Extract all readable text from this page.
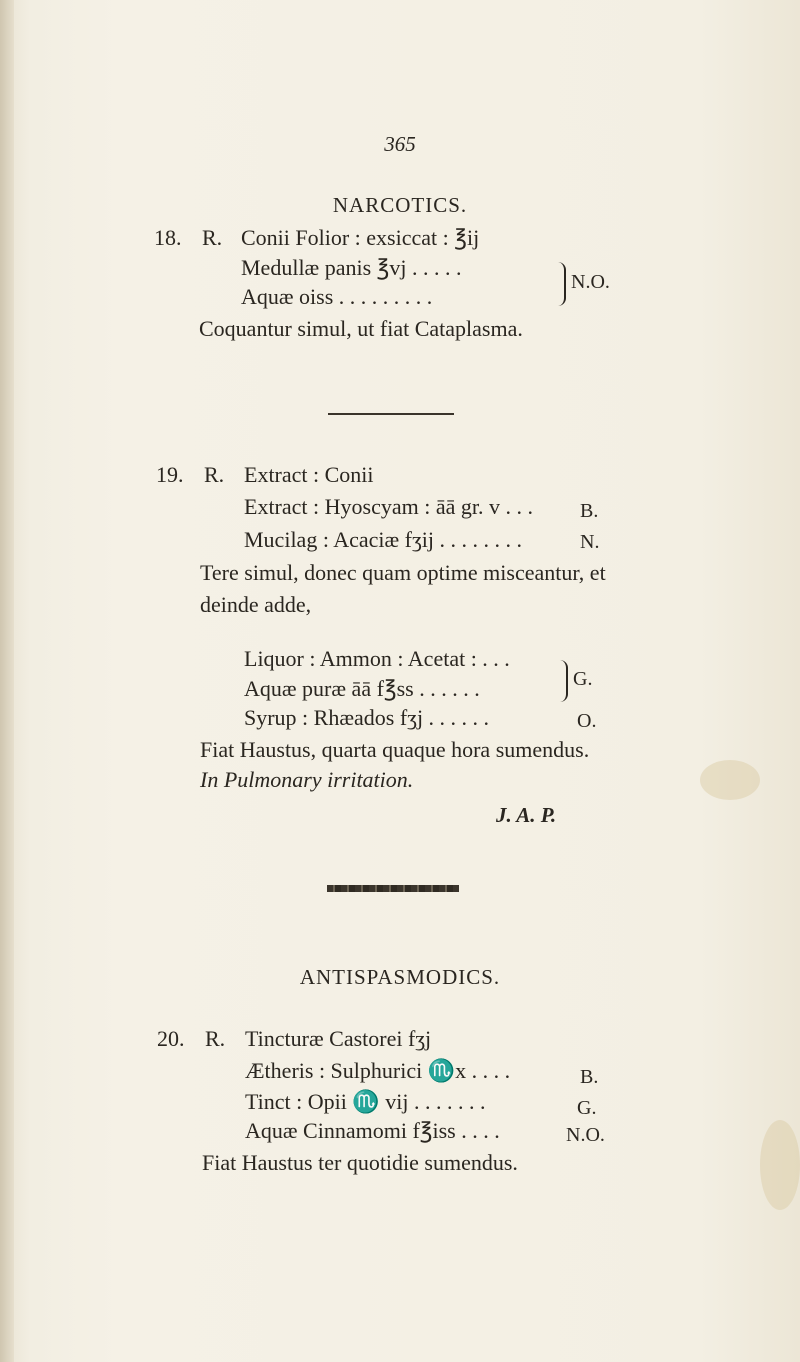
365
NARCOTICS.
18. R. Conii Folior : exsiccat : ℥ij
Medullæ panis ℥vj . . . . .
Aquæ oiss . . . . . . . . .
N.O.
Coquantur simul, ut fiat Cataplasma.
19. R. Extract : Conii
Extract : Hyoscyam : āā gr. v . . . B.
Mucilag : Acaciæ fʒij . . . . . . . .	N.
Tere simul, donec quam optime misceantur, et
deinde adde,
Liquor : Ammon : Acetat : . . .
Aquæ puræ āā f℥ss . . . . . .	G.
Syrup : Rhæados fʒj . . . . . .	O.
Fiat Haustus, quarta quaque hora sumendus.
In Pulmonary irritation.
J. A. P.
ANTISPASMODICS.
20. R. Tincturæ Castorei fʒj
Ætheris : Sulphurici ♏x . . . .	B.
Tinct : Opii ♏ vij . . . . . . .	G.
Aquæ Cinnamomi f℥iss . . . .	N.O.
Fiat Haustus ter quotidie sumendus.
